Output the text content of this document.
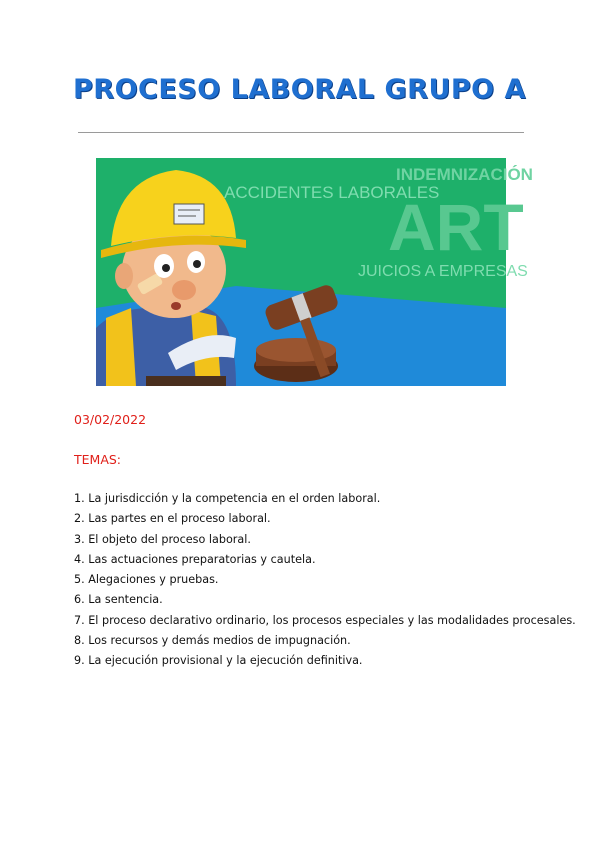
PROCESO LABORAL GRUPO A
INDEMNIZACIÓN
ACCIDENTES LABORALES
ART
JUICIOS A EMPRESAS
03/02/2022
TEMAS:
1. La jurisdicción y la competencia en el orden laboral.
2. Las partes en el proceso laboral.
3. El objeto del proceso laboral.
4. Las actuaciones preparatorias y cautela.
5. Alegaciones y pruebas.
6. La sentencia.
7. El proceso declarativo ordinario, los procesos especiales y las modalidades procesales.
8. Los recursos y demás medios de impugnación.
9. La ejecución provisional y la ejecución definitiva.
